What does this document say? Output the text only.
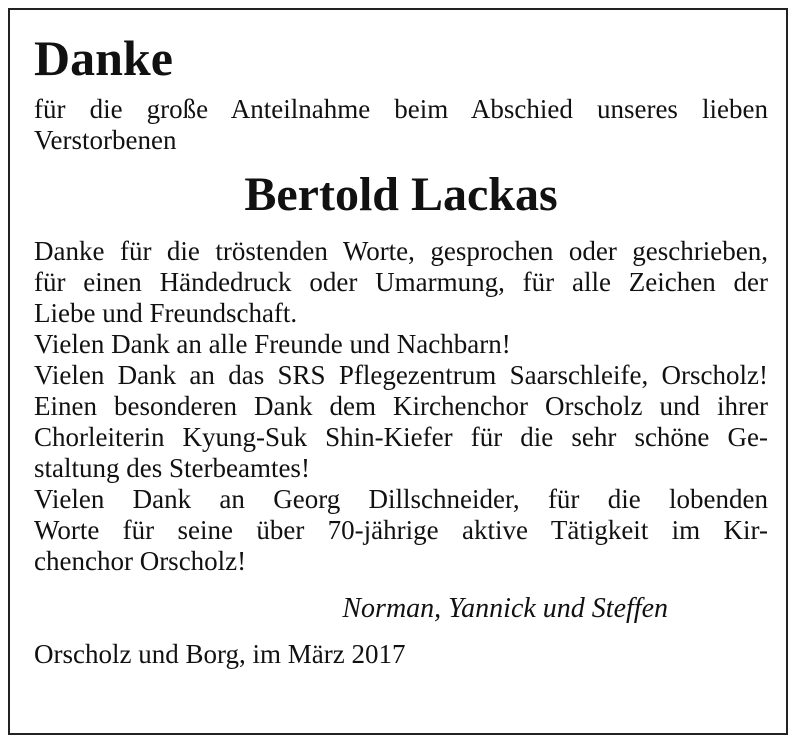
Danke
für die große Anteilnahme beim Abschied unseres lieben
Verstorbenen
Bertold Lackas
Danke für die tröstenden Worte, gesprochen oder geschrieben,
für einen Händedruck oder Umarmung, für alle Zeichen der
Liebe und Freundschaft.
Vielen Dank an alle Freunde und Nachbarn!
Vielen Dank an das SRS Pflegezentrum Saarschleife, Orscholz!
Einen besonderen Dank dem Kirchenchor Orscholz und ihrer
Chorleiterin Kyung-Suk Shin-Kiefer für die sehr schöne Ge-
staltung des Sterbeamtes!
Vielen Dank an Georg Dillschneider, für die lobenden
Worte für seine über 70-jährige aktive Tätigkeit im Kir-
chenchor Orscholz!
Norman, Yannick und Steffen
Orscholz und Borg, im März 2017
